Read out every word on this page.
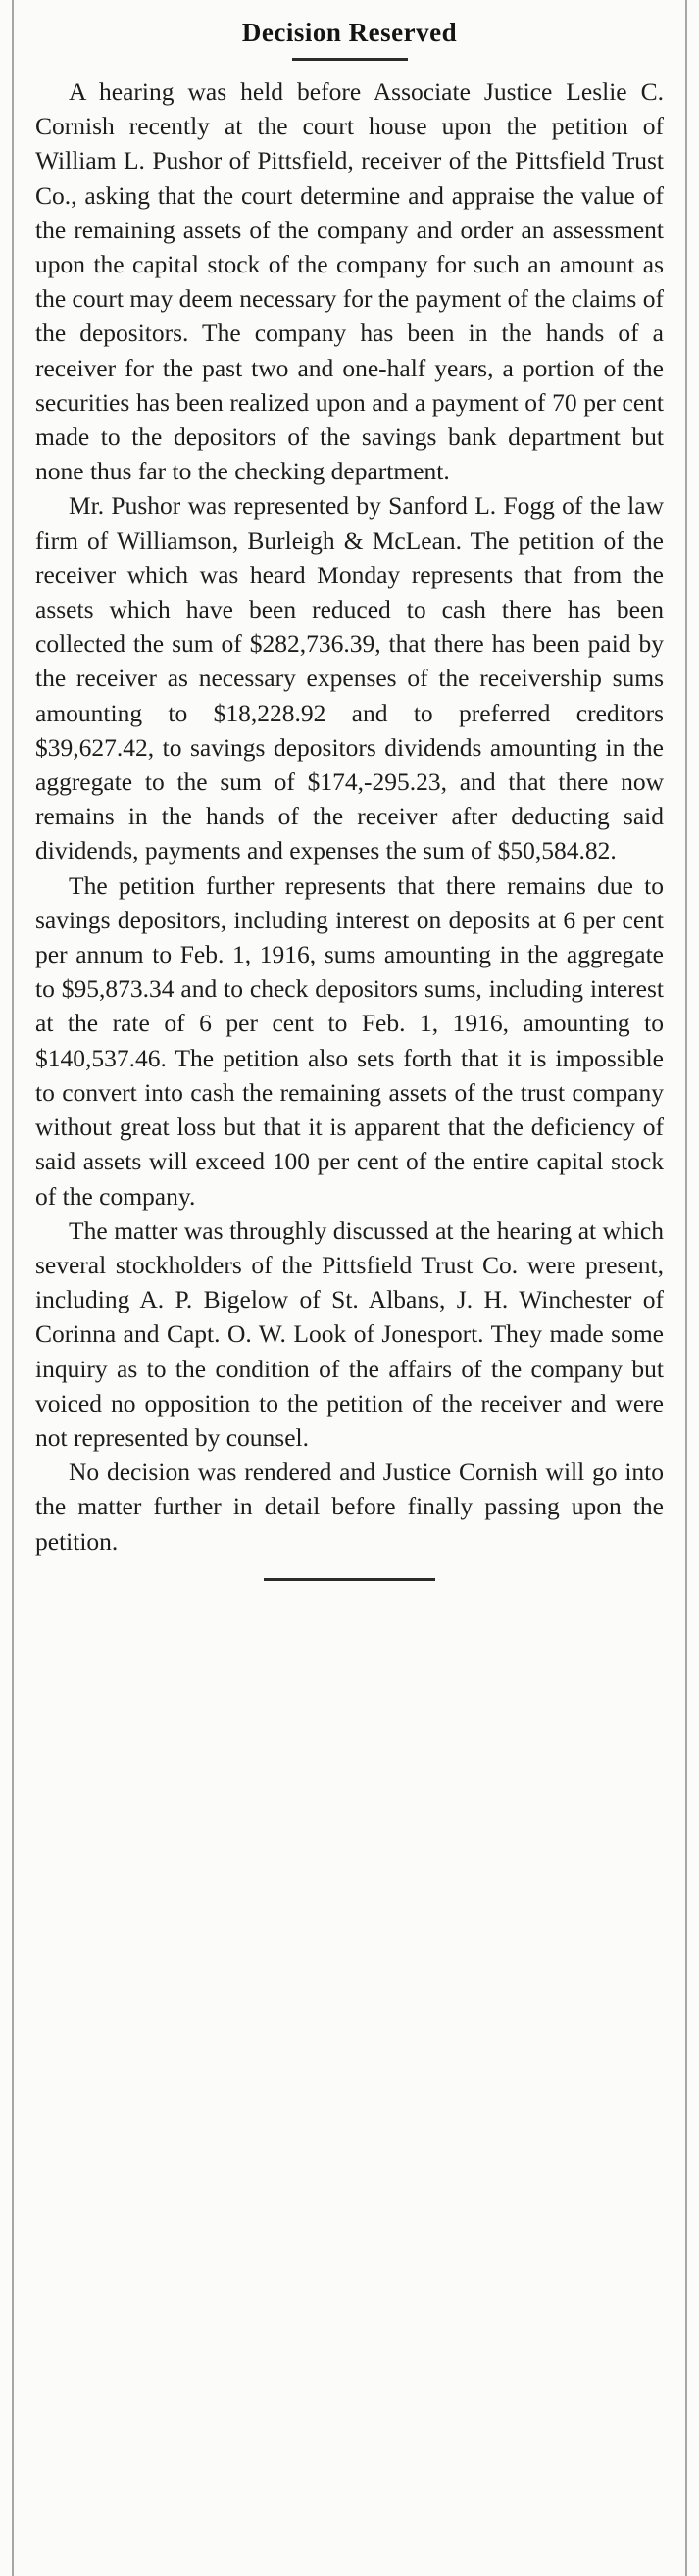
Decision Reserved

A hearing was held before Associate Justice Leslie C. Cornish recently at the court house upon the petition of William L. Pushor of Pittsfield, receiver of the Pittsfield Trust Co., asking that the court determine and appraise the value of the remaining assets of the company and order an assessment upon the capital stock of the company for such an amount as the court may deem necessary for the payment of the claims of the depositors. The company has been in the hands of a receiver for the past two and one-half years, a portion of the securities has been realized upon and a payment of 70 per cent made to the depositors of the savings bank department but none thus far to the checking department.

Mr. Pushor was represented by Sanford L. Fogg of the law firm of Williamson, Burleigh & McLean. The petition of the receiver which was heard Monday represents that from the assets which have been reduced to cash there has been collected the sum of $282,736.39, that there has been paid by the receiver as necessary expenses of the receivership sums amounting to $18,228.92 and to preferred creditors $39,627.42, to savings depositors dividends amounting in the aggregate to the sum of $174,-295.23, and that there now remains in the hands of the receiver after deducting said dividends, payments and expenses the sum of $50,584.82.

The petition further represents that there remains due to savings depositors, including interest on deposits at 6 per cent per annum to Feb. 1, 1916, sums amounting in the aggregate to $95,873.34 and to check depositors sums, including interest at the rate of 6 per cent to Feb. 1, 1916, amounting to $140,537.46. The petition also sets forth that it is impossible to convert into cash the remaining assets of the trust company without great loss but that it is apparent that the deficiency of said assets will exceed 100 per cent of the entire capital stock of the company.

The matter was throughly discussed at the hearing at which several stockholders of the Pittsfield Trust Co. were present, including A. P. Bigelow of St. Albans, J. H. Winchester of Corinna and Capt. O. W. Look of Jonesport. They made some inquiry as to the condition of the affairs of the company but voiced no opposition to the petition of the receiver and were not represented by counsel.

No decision was rendered and Justice Cornish will go into the matter further in detail before finally passing upon the petition.
